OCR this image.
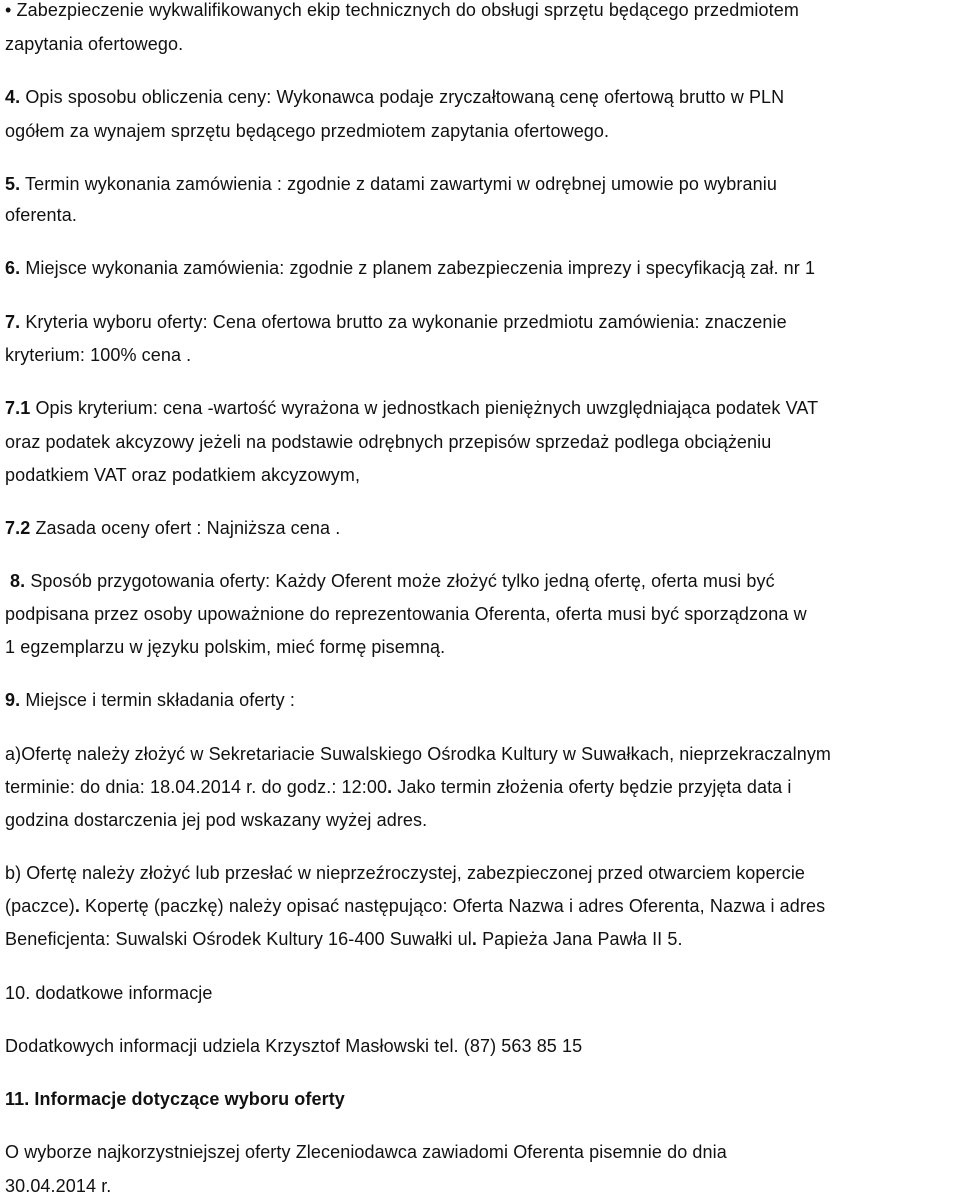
• Zabezpieczenie wykwalifikowanych ekip technicznych do obsługi sprzętu będącego przedmiotem

zapytania ofertowego.

4. Opis sposobu obliczenia ceny: Wykonawca podaje zryczałtowaną cenę ofertową brutto w PLN

ogółem za wynajem sprzętu będącego przedmiotem zapytania ofertowego.

5. Termin wykonania zamówienia : zgodnie z datami zawartymi w odrębnej umowie po wybraniu

oferenta.

6. Miejsce wykonania zamówienia: zgodnie z planem zabezpieczenia imprezy i specyfikacją zał. nr 1

7. Kryteria wyboru oferty: Cena ofertowa brutto za wykonanie przedmiotu zamówienia: znaczenie

kryterium: 100% cena .

7.1 Opis kryterium: cena -wartość wyrażona w jednostkach pieniężnych uwzględniająca podatek VAT

oraz podatek akcyzowy jeżeli na podstawie odrębnych przepisów sprzedaż podlega obciążeniu

podatkiem VAT oraz podatkiem akcyzowym,

7.2 Zasada oceny ofert : Najniższa cena .

8. Sposób przygotowania oferty: Każdy Oferent może złożyć tylko jedną ofertę, oferta musi być

podpisana przez osoby upoważnione do reprezentowania Oferenta, oferta musi być sporządzona w

1 egzemplarzu w języku polskim, mieć formę pisemną.

9. Miejsce i termin składania oferty :

a)Ofertę należy złożyć w Sekretariacie Suwalskiego Ośrodka Kultury w Suwałkach, nieprzekraczalnym

terminie: do dnia: 18.04.2014 r. do godz.: 12:00. Jako termin złożenia oferty będzie przyjęta data i

godzina dostarczenia jej pod wskazany wyżej adres.

b) Ofertę należy złożyć lub przesłać w nieprzeźroczystej, zabezpieczonej przed otwarciem kopercie

(paczce). Kopertę (paczkę) należy opisać następująco: Oferta Nazwa i adres Oferenta, Nazwa i adres

Beneficjenta: Suwalski Ośrodek Kultury 16-400 Suwałki ul. Papieża Jana Pawła II 5.

10. dodatkowe informacje

Dodatkowych informacji udziela Krzysztof Masłowski tel. (87) 563 85 15

11. Informacje dotyczące wyboru oferty

O wyborze najkorzystniejszej oferty Zleceniodawca zawiadomi Oferenta pisemnie do dnia

30.04.2014 r.
